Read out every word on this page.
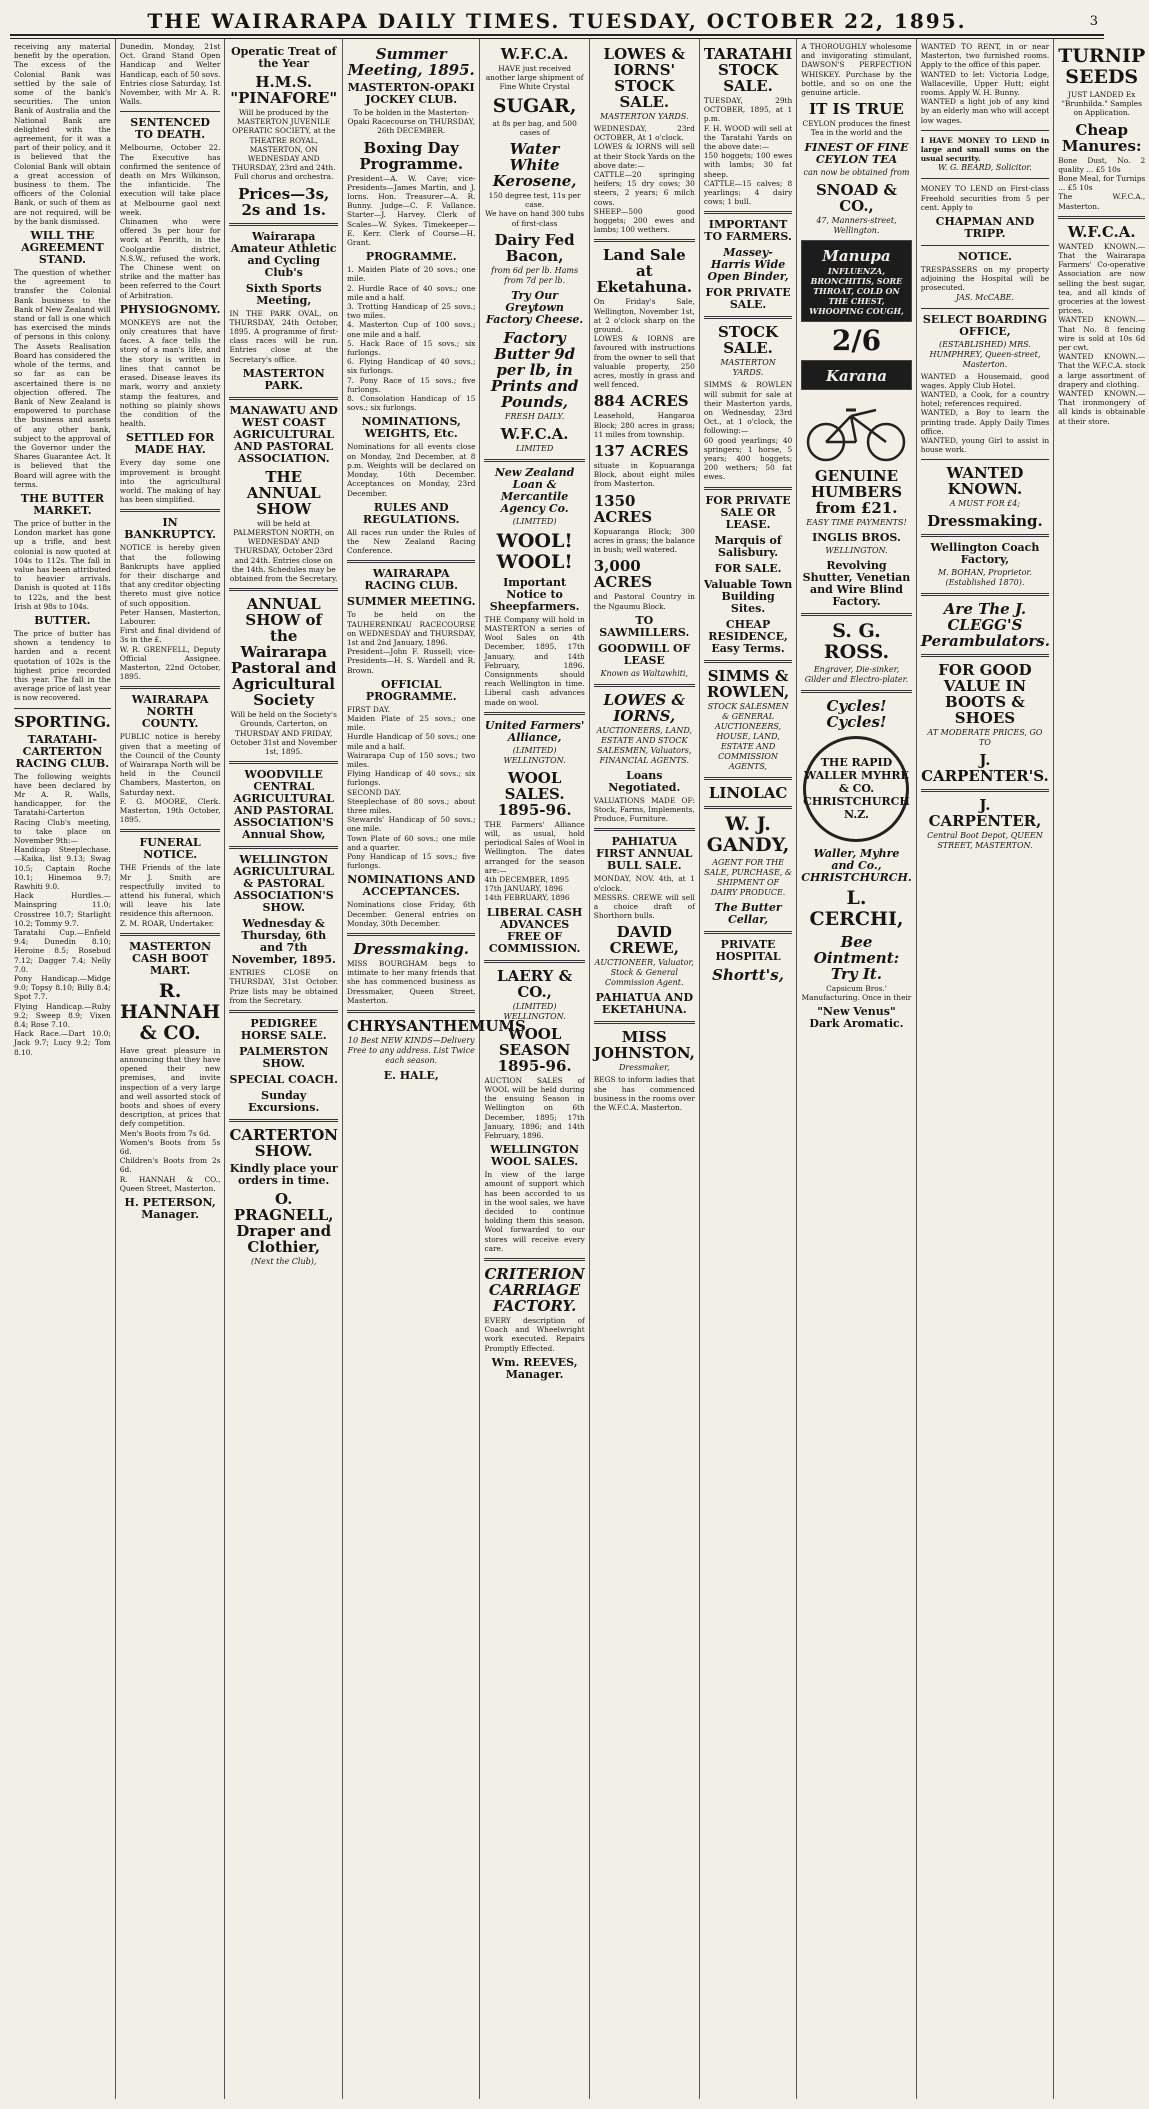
THE WAIRARAPA DAILY TIMES. TUESDAY, OCTOBER 22, 1895.	3
receiving any material benefit by the operation. The excess of the Colonial Bank was settled by the sale of some of the bank's securities. The union Bank of Australia and the National Bank are delighted with the agreement, for it was a part of their policy, and it is believed that the Colonial Bank will obtain a great accession of business to them. The officers of the Colonial Bank, or such of them as are not required, will be by the bank dismissed.
WILL THE AGREEMENT STAND.
The question of whether the agreement to transfer the Colonial Bank business to the Bank of New Zealand will stand or fall is one which has exercised the minds of persons in this colony. The Assets Realisation Board has considered the whole of the terms, and so far as can be ascertained there is no objection offered. The Bank of New Zealand is empowered to purchase the business and assets of any other bank, subject to the approval of the Governor under the Shares Guarantee Act. It is believed that the Board will agree with the terms.
THE BUTTER MARKET.
The price of butter in the London market has gone up a trifle, and best colonial is now quoted at 104s to 112s. The fall in value has been attributed to heavier arrivals. Danish is quoted at 118s to 122s, and the best Irish at 98s to 104s.
BUTTER.
The price of butter has shown a tendency to harden and a recent quotation of 102s is the highest price recorded this year. The fall in the average price of last year is now recovered.
SPORTING.
TARATAHI-CARTERTON RACING CLUB.
The following weights have been declared by Mr A. R. Walls, handicapper, for the Taratahi-Carterton Racing Club's meeting, to take place on November 9th:—
Handicap Steeplechase.—Kaika, list 9.13; Swag 10.5; Captain Roche 10.1; Hinemoa 9.7; Rawhiti 9.0.
Hack Hurdles.—Mainspring 11.0; Crosstree 10.7; Starlight 10.2; Tommy 9.7.
Taratahi Cup.—Enfield 9.4; Dunedin 8.10; Heroine 8.5; Rosebud 7.12; Dagger 7.4; Nelly 7.0.
Pony Handicap.—Midge 9.0; Topsy 8.10; Billy 8.4; Spot 7.7.
Flying Handicap.—Ruby 9.2; Sweep 8.9; Vixen 8.4; Rose 7.10.
Hack Race.—Dart 10.0; Jack 9.7; Lucy 9.2; Tom 8.10.
Dunedin. Monday, 21st Oct. Grand Stand Open Handicap and Welter Handicap, each of 50 sovs. Entries close Saturday, 1st November, with Mr A. R. Walls.
SENTENCED TO DEATH.
Melbourne, October 22. The Executive has confirmed the sentence of death on Mrs Wilkinson, the infanticide. The execution will take place at Melbourne gaol next week.
Chinamen who were offered 3s per hour for work at Penrith, in the Coolgardie district, N.S.W., refused the work. The Chinese went on strike and the matter has been referred to the Court of Arbitration.
PHYSIOGNOMY.
MONKEYS are not the only creatures that have faces. A face tells the story of a man's life, and the story is written in lines that cannot be erased. Disease leaves its mark, worry and anxiety stamp the features, and nothing so plainly shows the condition of the health.
SETTLED FOR MADE HAY.
Every day some one improvement is brought into the agricultural world. The making of hay has been simplified.
IN BANKRUPTCY.
NOTICE is hereby given that the following Bankrupts have applied for their discharge and that any creditor objecting thereto must give notice of such opposition.
Peter Hansen, Masterton, Labourer.
First and final dividend of 3s in the £.
W. R. GRENFELL, Deputy Official Assignee. Masterton, 22nd October, 1895.
WAIRARAPA NORTH COUNTY.
PUBLIC notice is hereby given that a meeting of the Council of the County of Wairarapa North will be held in the Council Chambers, Masterton, on Saturday next.
F. G. MOORE, Clerk. Masterton, 19th October, 1895.
FUNERAL NOTICE.
THE Friends of the late Mr J. Smith are respectfully invited to attend his funeral, which will leave his late residence this afternoon.
Z. M. ROAR, Undertaker.
MASTERTON CASH BOOT MART.
R. HANNAH & CO.
Have great pleasure in announcing that they have opened their new premises, and invite inspection of a very large and well assorted stock of boots and shoes of every description, at prices that defy competition.
Men's Boots from 7s 6d.
Women's Boots from 5s 6d.
Children's Boots from 2s 6d.
R. HANNAH & CO., Queen Street, Masterton.
H. PETERSON, Manager.
Operatic Treat of the Year
H.M.S. "PINAFORE"
Will be produced by the MASTERTON JUVENILE OPERATIC SOCIETY, at the THEATRE ROYAL, MASTERTON, ON WEDNESDAY AND THURSDAY, 23rd and 24th. Full chorus and orchestra.
Prices—3s, 2s and 1s.
Wairarapa Amateur Athletic and Cycling Club's
Sixth Sports Meeting,
IN THE PARK OVAL, on THURSDAY, 24th October, 1895. A programme of first-class races will be run. Entries close at the Secretary's office.
MASTERTON PARK.
MANAWATU AND WEST COAST AGRICULTURAL AND PASTORAL ASSOCIATION.
THE ANNUAL SHOW
will be held at PALMERSTON NORTH, on WEDNESDAY AND THURSDAY, October 23rd and 24th. Entries close on the 14th. Schedules may be obtained from the Secretary.
ANNUAL SHOW of the Wairarapa Pastoral and Agricultural Society
Will be held on the Society's Grounds, Carterton, on THURSDAY AND FRIDAY, October 31st and November 1st, 1895.
WOODVILLE CENTRAL AGRICULTURAL AND PASTORAL ASSOCIATION'S Annual Show,
WELLINGTON AGRICULTURAL & PASTORAL ASSOCIATION'S SHOW.
Wednesday & Thursday, 6th and 7th November, 1895.
ENTRIES CLOSE on THURSDAY, 31st October. Prize lists may be obtained from the Secretary.
PEDIGREE HORSE SALE.
PALMERSTON SHOW.
SPECIAL COACH.
Sunday Excursions.
CARTERTON SHOW.
Kindly place your orders in time.
O. PRAGNELL, Draper and Clothier,
(Next the Club),
Summer Meeting, 1895.
MASTERTON-OPAKI JOCKEY CLUB.
To be holden in the Masterton-Opaki Racecourse on THURSDAY, 26th DECEMBER.
Boxing Day Programme.
President—A. W. Cave; vice-Presidents—James Martin, and J. Iorns. Hon. Treasurer—A. R. Bunny. Judge—C. F. Vallance. Starter—J. Harvey. Clerk of Scales—W. Sykes. Timekeeper—E. Kerr. Clerk of Course—H. Grant.
PROGRAMME.
1. Maiden Plate of 20 sovs.; one mile.
2. Hurdle Race of 40 sovs.; one mile and a half.
3. Trotting Handicap of 25 sovs.; two miles.
4. Masterton Cup of 100 sovs.; one mile and a half.
5. Hack Race of 15 sovs.; six furlongs.
6. Flying Handicap of 40 sovs.; six furlongs.
7. Pony Race of 15 sovs.; five furlongs.
8. Consolation Handicap of 15 sovs.; six furlongs.
NOMINATIONS, WEIGHTS, Etc.
Nominations for all events close on Monday, 2nd December, at 8 p.m. Weights will be declared on Monday, 16th December. Acceptances on Monday, 23rd December.
RULES AND REGULATIONS.
All races run under the Rules of the New Zealand Racing Conference.
WAIRARAPA RACING CLUB.
SUMMER MEETING.
To be held on the TAUHERENIKAU RACECOURSE on WEDNESDAY and THURSDAY, 1st and 2nd January, 1896.
President—John F. Russell; vice-Presidents—H. S. Wardell and R. Brown.
OFFICIAL PROGRAMME.
FIRST DAY.
Maiden Plate of 25 sovs.; one mile.
Hurdle Handicap of 50 sovs.; one mile and a half.
Wairarapa Cup of 150 sovs.; two miles.
Flying Handicap of 40 sovs.; six furlongs.
SECOND DAY.
Steeplechase of 80 sovs.; about three miles.
Stewards' Handicap of 50 sovs.; one mile.
Town Plate of 60 sovs.; one mile and a quarter.
Pony Handicap of 15 sovs.; five furlongs.
NOMINATIONS AND ACCEPTANCES.
Nominations close Friday, 6th December. General entries on Monday, 30th December.
Dressmaking.
MISS BOURGHAM begs to intimate to her many friends that she has commenced business as Dressmaker, Queen Street, Masterton.
CHRYSANTHEMUMS
10 Best NEW KINDS—Delivery Free to any address. List Twice each season.
E. HALE,
W.F.C.A.
HAVE just received another large shipment of Fine White Crystal
SUGAR,
at 8s per bag, and 500 cases of
Water White Kerosene,
150 degree test, 11s per case.
We have on hand 300 tubs of first-class
Dairy Fed Bacon,
from 6d per lb. Hams from 7d per lb.
Try Our Greytown Factory Cheese.
Factory Butter 9d per lb, in Prints and Pounds,
FRESH DAILY.
W.F.C.A.
LIMITED
New Zealand Loan & Mercantile Agency Co.
(LIMITED)
WOOL! WOOL!
Important Notice to Sheepfarmers.
THE Company will hold in MASTERTON a series of Wool Sales on 4th December, 1895, 17th January, and 14th February, 1896. Consignments should reach Wellington in time. Liberal cash advances made on wool.
United Farmers' Alliance,
(LIMITED) WELLINGTON.
WOOL SALES. 1895-96.
THE Farmers' Alliance will, as usual, hold periodical Sales of Wool in Wellington. The dates arranged for the season are:—
4th DECEMBER, 1895
17th JANUARY, 1896
14th FEBRUARY, 1896
LIBERAL CASH ADVANCES FREE OF COMMISSION.
LAERY & CO.,
(LIMITED) WELLINGTON.
WOOL SEASON 1895-96.
AUCTION SALES of WOOL will be held during the ensuing Season in Wellington on 6th December, 1895; 17th January, 1896; and 14th February, 1896.
WELLINGTON WOOL SALES.
In view of the large amount of support which has been accorded to us in the wool sales, we have decided to continue holding them this season. Wool forwarded to our stores will receive every care.
CRITERION CARRIAGE FACTORY.
EVERY description of Coach and Wheelwright work executed. Repairs Promptly Effected.
Wm. REEVES, Manager.
LOWES & IORNS' STOCK SALE.
MASTERTON YARDS.
WEDNESDAY, 23rd OCTOBER, At 1 o'clock.
LOWES & IORNS will sell at their Stock Yards on the above date:—
CATTLE—20 springing heifers; 15 dry cows; 30 steers, 2 years; 6 milch cows.
SHEEP—500 good hoggets; 200 ewes and lambs; 100 wethers.
Land Sale at Eketahuna.
On Friday's Sale, Wellington, November 1st, at 2 o'clock sharp on the ground.
LOWES & IORNS are favoured with instructions from the owner to sell that valuable property, 250 acres, mostly in grass and well fenced.
884 ACRES
Leasehold, Hangaroa Block; 280 acres in grass; 11 miles from township.
137 ACRES
situate in Kopuaranga Block, about eight miles from Masterton.
1350 ACRES
Kopuaranga Block; 300 acres in grass; the balance in bush; well watered.
3,000 ACRES
and Pastoral Country in the Ngaumu Block.
TO SAWMILLERS.
GOODWILL OF LEASE
Known as Waltawhiti,
LOWES & IORNS,
AUCTIONEERS, LAND, ESTATE AND STOCK SALESMEN, Valuators, FINANCIAL AGENTS.
Loans Negotiated.
VALUATIONS MADE OF: Stock, Farms, Implements, Produce, Furniture.
PAHIATUA FIRST ANNUAL BULL SALE.
MONDAY, NOV. 4th, at 1 o'clock.
MESSRS. CREWE will sell a choice draft of Shorthorn bulls.
DAVID CREWE,
AUCTIONEER, Valuator, Stock & General Commission Agent.
PAHIATUA AND EKETAHUNA.
MISS JOHNSTON,
Dressmaker,
BEGS to inform ladies that she has commenced business in the rooms over the W.F.C.A. Masterton.
TARATAHI STOCK SALE.
TUESDAY, 29th OCTOBER, 1895, at 1 p.m.
F. H. WOOD will sell at the Taratahi Yards on the above date:—
150 hoggets; 100 ewes with lambs; 30 fat sheep.
CATTLE—15 calves; 8 yearlings; 4 dairy cows; 1 bull.
IMPORTANT TO FARMERS.
Massey-Harris Wide Open Binder,
FOR PRIVATE SALE.
STOCK SALE.
MASTERTON YARDS.
SIMMS & ROWLEN will submit for sale at their Masterton yards, on Wednesday, 23rd Oct., at 1 o'clock, the following:—
60 good yearlings; 40 springers; 1 horse, 5 years; 400 hoggets; 200 wethers; 50 fat ewes.
FOR PRIVATE SALE OR LEASE.
Marquis of Salisbury.
FOR SALE.
Valuable Town Building Sites.
CHEAP RESIDENCE, Easy Terms.
SIMMS & ROWLEN,
STOCK SALESMEN & GENERAL AUCTIONEERS, HOUSE, LAND, ESTATE AND COMMISSION AGENTS,
LINOLAC
W. J. GANDY,
AGENT FOR THE SALE, PURCHASE, & SHIPMENT OF DAIRY PRODUCE.
The Butter Cellar,
PRIVATE HOSPITAL
Shortt's,
A THOROUGHLY wholesome and invigorating stimulant, DAWSON'S PERFECTION WHISKEY. Purchase by the bottle, and so on one the genuine article.
IT IS TRUE
CEYLON produces the finest Tea in the world and the
FINEST OF FINE CEYLON TEA
can now be obtained from
SNOAD & CO.,
47, Manners-street, Wellington.
Manupa
INFLUENZA, BRONCHITIS, SORE THROAT, COLD ON THE CHEST, WHOOPING COUGH,
2/6
Karana
GENUINE HUMBERS from £21.
EASY TIME PAYMENTS!
INGLIS BROS.
WELLINGTON.
Revolving Shutter, Venetian and Wire Blind Factory.
S. G. ROSS.
Engraver, Die-sinker, Gilder and Electro-plater.
Cycles! Cycles!
THE RAPID WALLER MYHRE & CO. CHRISTCHURCH N.Z.
Waller, Myhre and Co., CHRISTCHURCH.
L. CERCHI,
Bee Ointment: Try It.
Capsicum Bros.' Manufacturing. Once in their
"New Venus" Dark Aromatic.
WANTED TO RENT, in or near Masterton, two furnished rooms. Apply to the office of this paper.
WANTED to let: Victoria Lodge, Wallaceville, Upper Hutt; eight rooms. Apply W. H. Bunny.
WANTED a light job of any kind by an elderly man who will accept low wages.
I HAVE MONEY TO LEND in large and small sums on the usual security.
W. G. BEARD, Solicitor.
MONEY TO LEND on First-class Freehold securities from 5 per cent. Apply to
CHAPMAN AND TRIPP.
NOTICE.
TRESPASSERS on my property adjoining the Hospital will be prosecuted.
JAS. McCABE.
SELECT BOARDING OFFICE,
(ESTABLISHED) MRS. HUMPHREY, Queen-street, Masterton.
WANTED a Housemaid, good wages. Apply Club Hotel.
WANTED, a Cook, for a country hotel; references required.
WANTED, a Boy to learn the printing trade. Apply Daily Times office.
WANTED, young Girl to assist in house work.
WANTED KNOWN.
A MUST FOR £4;
Dressmaking.
Wellington Coach Factory,
M. BOHAN, Proprietor. (Established 1870).
Are The J. CLEGG'S Perambulators.
FOR GOOD VALUE IN BOOTS & SHOES
AT MODERATE PRICES, GO TO
J. CARPENTER'S.
J. CARPENTER,
Central Boot Depot, QUEEN STREET, MASTERTON.
TURNIP SEEDS
JUST LANDED Ex "Brunhilda." Samples on Application.
Cheap Manures:
Bone Dust, No. 2 quality ... £5 10s
Bone Meal, for Turnips ... £5 10s
The W.F.C.A., Masterton.
W.F.C.A.
WANTED KNOWN.—That the Wairarapa Farmers' Co-operative Association are now selling the best sugar, tea, and all kinds of groceries at the lowest prices.
WANTED KNOWN.—That No. 8 fencing wire is sold at 10s 6d per cwt.
WANTED KNOWN.—That the W.F.C.A. stock a large assortment of drapery and clothing.
WANTED KNOWN.—That ironmongery of all kinds is obtainable at their store.
